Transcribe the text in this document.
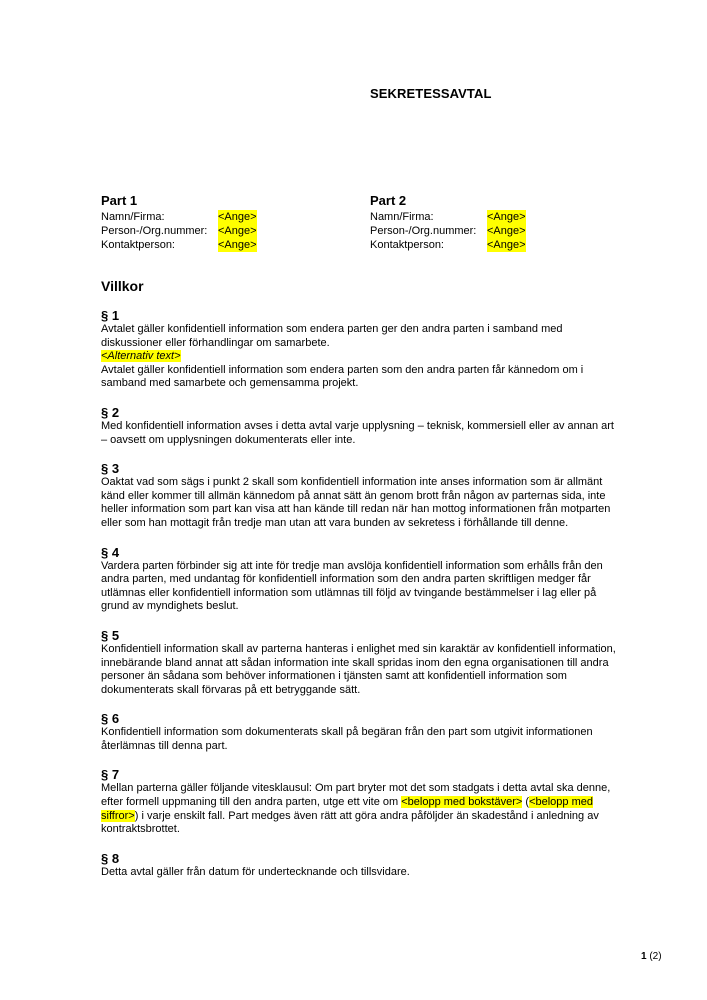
SEKRETESSAVTAL
Part 1
Namn/Firma:	<Ange>
Person-/Org.nummer: <Ange>
Kontaktperson:	<Ange>
Part 2
Namn/Firma:	<Ange>
Person-/Org.nummer: <Ange>
Kontaktperson:	<Ange>
Villkor
§ 1

Avtalet gäller konfidentiell information som endera parten ger den andra parten i samband med diskussioner eller förhandlingar om samarbete.

<Alternativ text>

Avtalet gäller konfidentiell information som endera parten som den andra parten får kännedom om i samband med samarbete och gemensamma projekt.

§ 2

Med konfidentiell information avses i detta avtal varje upplysning – teknisk, kommersiell eller av annan art – oavsett om upplysningen dokumenterats eller inte.

§ 3

Oaktat vad som sägs i punkt 2 skall som konfidentiell information inte anses information som är allmänt känd eller kommer till allmän kännedom på annat sätt än genom brott från någon av parternas sida, inte heller information som part kan visa att han kände till redan när han mottog informationen från motparten eller som han mottagit från tredje man utan att vara bunden av sekretess i förhållande till denne.

§ 4

Vardera parten förbinder sig att inte för tredje man avslöja konfidentiell information som erhålls från den andra parten, med undantag för konfidentiell information som den andra parten skriftligen medger får utlämnas eller konfidentiell information som utlämnas till följd av tvingande bestämmelser i lag eller på grund av myndighets beslut.

§ 5

Konfidentiell information skall av parterna hanteras i enlighet med sin karaktär av konfidentiell information, innebärande bland annat att sådan information inte skall spridas inom den egna organisationen till andra personer än sådana som behöver informationen i tjänsten samt att konfidentiell information som dokumenterats skall förvaras på ett betryggande sätt.

§ 6

Konfidentiell information som dokumenterats skall på begäran från den part som utgivit informationen återlämnas till denna part.

§ 7

Mellan parterna gäller följande vitesklausul: Om part bryter mot det som stadgats i detta avtal ska denne, efter formell uppmaning till den andra parten, utge ett vite om <belopp med bokstäver> (<belopp med siffror>) i varje enskilt fall. Part medges även rätt att göra andra påföljder än skadestånd i anledning av kontraktsbrottet.

§ 8

Detta avtal gäller från datum för undertecknande och tillsvidare.

1 (2)
